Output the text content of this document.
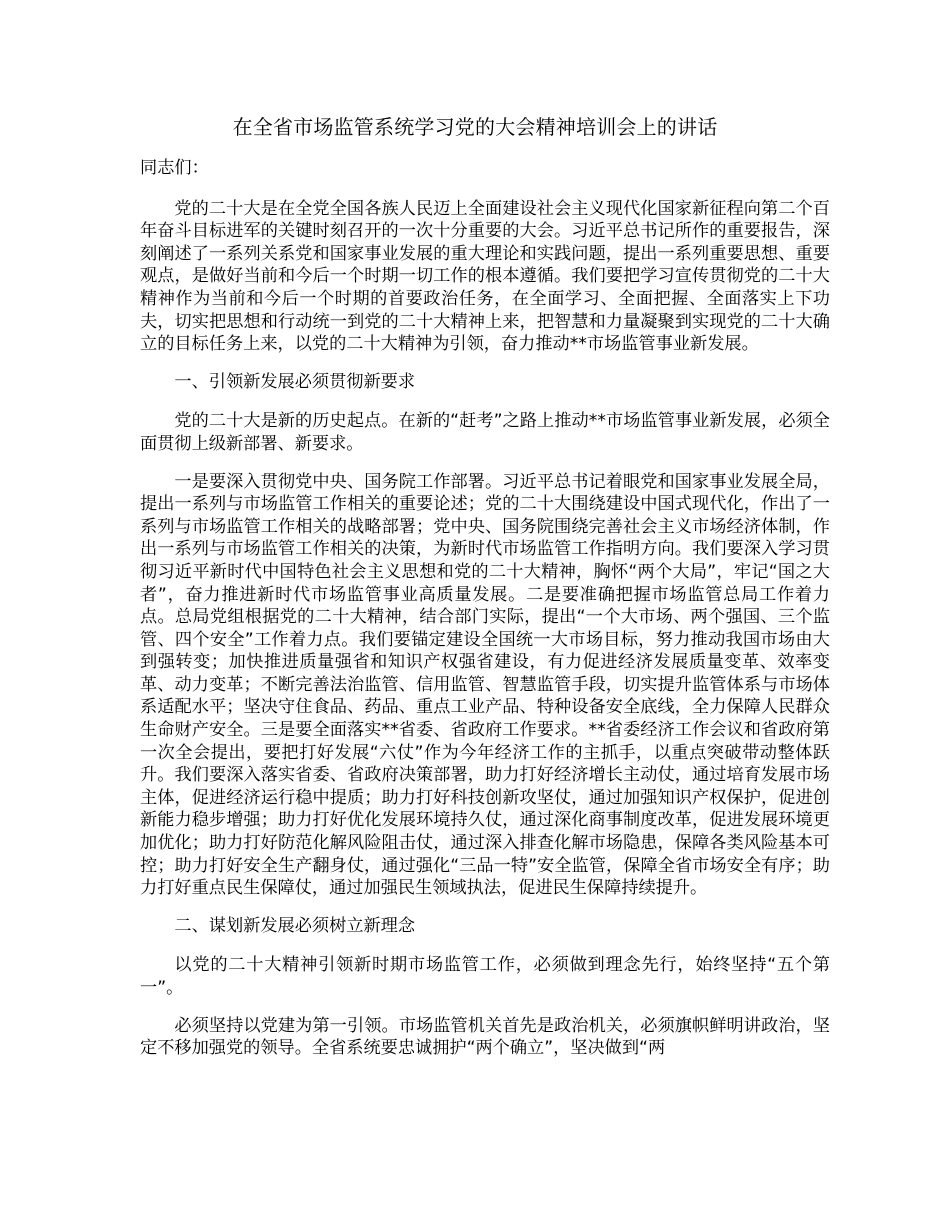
在全省市场监管系统学习党的大会精神培训会上的讲话

同志们：

党的二十大是在全党全国各族人民迈上全面建设社会主义现代化国家新征程向第二个百年奋斗目标进军的关键时刻召开的一次十分重要的大会。习近平总书记所作的重要报告，深刻阐述了一系列关系党和国家事业发展的重大理论和实践问题，提出一系列重要思想、重要观点，是做好当前和今后一个时期一切工作的根本遵循。我们要把学习宣传贯彻党的二十大精神作为当前和今后一个时期的首要政治任务，在全面学习、全面把握、全面落实上下功夫，切实把思想和行动统一到党的二十大精神上来，把智慧和力量凝聚到实现党的二十大确立的目标任务上来，以党的二十大精神为引领，奋力推动**市场监管事业新发展。

一、引领新发展必须贯彻新要求

党的二十大是新的历史起点。在新的“赶考”之路上推动**市场监管事业新发展，必须全面贯彻上级新部署、新要求。

一是要深入贯彻党中央、国务院工作部署。习近平总书记着眼党和国家事业发展全局，提出一系列与市场监管工作相关的重要论述；党的二十大围绕建设中国式现代化，作出了一系列与市场监管工作相关的战略部署；党中央、国务院围绕完善社会主义市场经济体制，作出一系列与市场监管工作相关的决策，为新时代市场监管工作指明方向。我们要深入学习贯彻习近平新时代中国特色社会主义思想和党的二十大精神，胸怀“两个大局”，牢记“国之大者”，奋力推进新时代市场监管事业高质量发展。二是要准确把握市场监管总局工作着力点。总局党组根据党的二十大精神，结合部门实际，提出“一个大市场、两个强国、三个监管、四个安全”工作着力点。我们要锚定建设全国统一大市场目标，努力推动我国市场由大到强转变；加快推进质量强省和知识产权强省建设，有力促进经济发展质量变革、效率变革、动力变革；不断完善法治监管、信用监管、智慧监管手段，切实提升监管体系与市场体系适配水平；坚决守住食品、药品、重点工业产品、特种设备安全底线，全力保障人民群众生命财产安全。三是要全面落实**省委、省政府工作要求。**省委经济工作会议和省政府第一次全会提出，要把打好发展“六仗”作为今年经济工作的主抓手，以重点突破带动整体跃升。我们要深入落实省委、省政府决策部署，助力打好经济增长主动仗，通过培育发展市场主体，促进经济运行稳中提质；助力打好科技创新攻坚仗，通过加强知识产权保护，促进创新能力稳步增强；助力打好优化发展环境持久仗，通过深化商事制度改革，促进发展环境更加优化；助力打好防范化解风险阻击仗，通过深入排查化解市场隐患，保障各类风险基本可控；助力打好安全生产翻身仗，通过强化“三品一特”安全监管，保障全省市场安全有序；助力打好重点民生保障仗，通过加强民生领域执法，促进民生保障持续提升。

二、谋划新发展必须树立新理念

以党的二十大精神引领新时期市场监管工作，必须做到理念先行，始终坚持“五个第一”。

必须坚持以党建为第一引领。市场监管机关首先是政治机关，必须旗帜鲜明讲政治，坚定不移加强党的领导。全省系统要忠诚拥护“两个确立”，坚决做到“两
